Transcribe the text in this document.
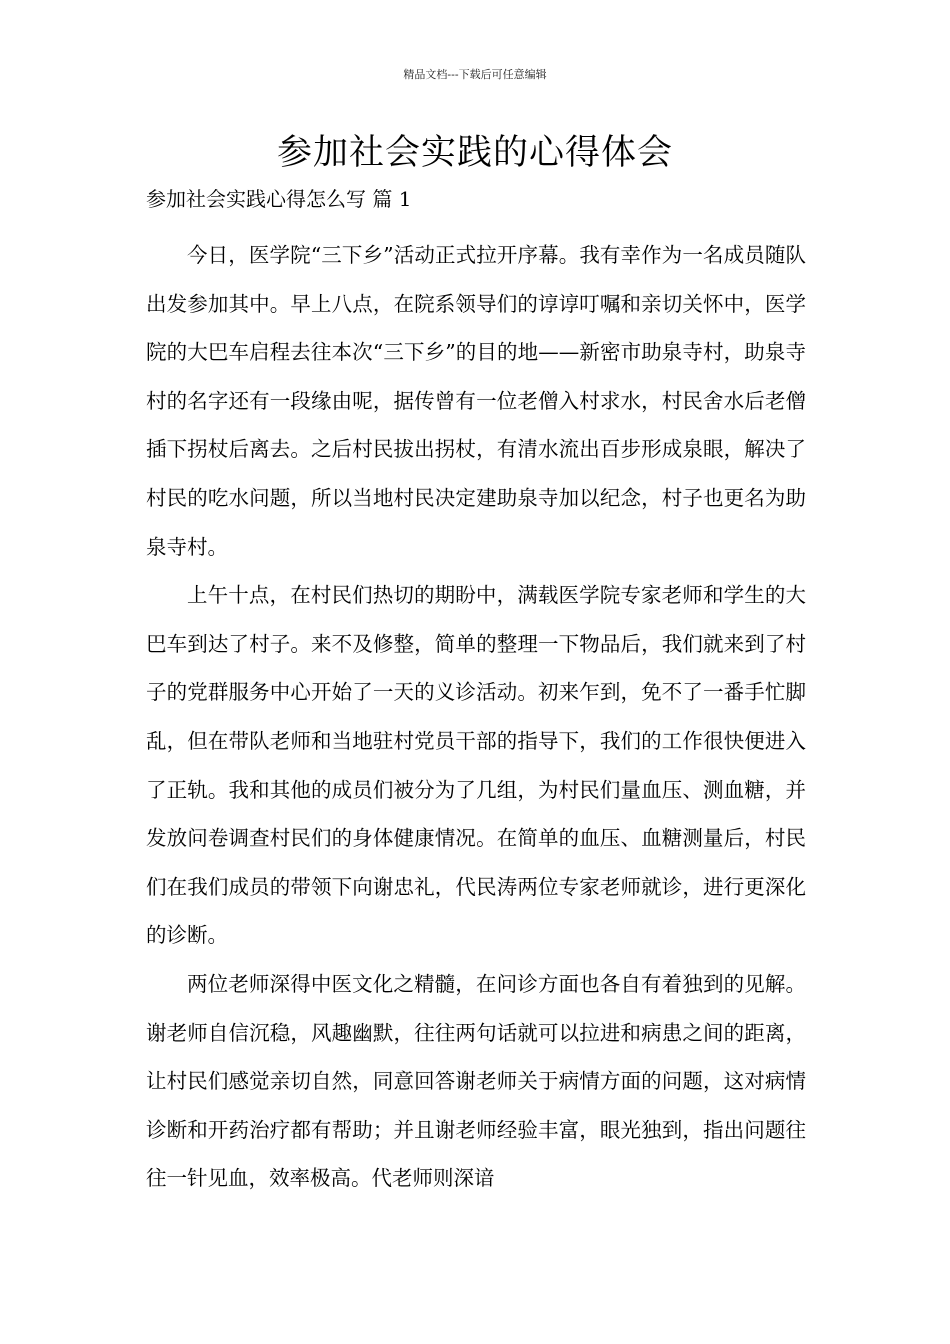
精品文档---下载后可任意编辑
参加社会实践的心得体会
参加社会实践心得怎么写 篇 1

今日，医学院“三下乡”活动正式拉开序幕。我有幸作为一名成员随队出发参加其中。早上八点，在院系领导们的谆谆叮嘱和亲切关怀中，医学院的大巴车启程去往本次“三下乡”的目的地——新密市助泉寺村，助泉寺村的名字还有一段缘由呢，据传曾有一位老僧入村求水，村民舍水后老僧插下拐杖后离去。之后村民拔出拐杖，有清水流出百步形成泉眼，解决了村民的吃水问题，所以当地村民决定建助泉寺加以纪念，村子也更名为助泉寺村。

上午十点，在村民们热切的期盼中，满载医学院专家老师和学生的大巴车到达了村子。来不及修整，简单的整理一下物品后，我们就来到了村子的党群服务中心开始了一天的义诊活动。初来乍到，免不了一番手忙脚乱，但在带队老师和当地驻村党员干部的指导下，我们的工作很快便进入了正轨。我和其他的成员们被分为了几组，为村民们量血压、测血糖，并发放问卷调查村民们的身体健康情况。在简单的血压、血糖测量后，村民们在我们成员的带领下向谢忠礼，代民涛两位专家老师就诊，进行更深化的诊断。

两位老师深得中医文化之精髓，在问诊方面也各自有着独到的见解。谢老师自信沉稳，风趣幽默，往往两句话就可以拉进和病患之间的距离，让村民们感觉亲切自然，同意回答谢老师关于病情方面的问题，这对病情诊断和开药治疗都有帮助；并且谢老师经验丰富，眼光独到，指出问题往往一针见血，效率极高。代老师则深谙
